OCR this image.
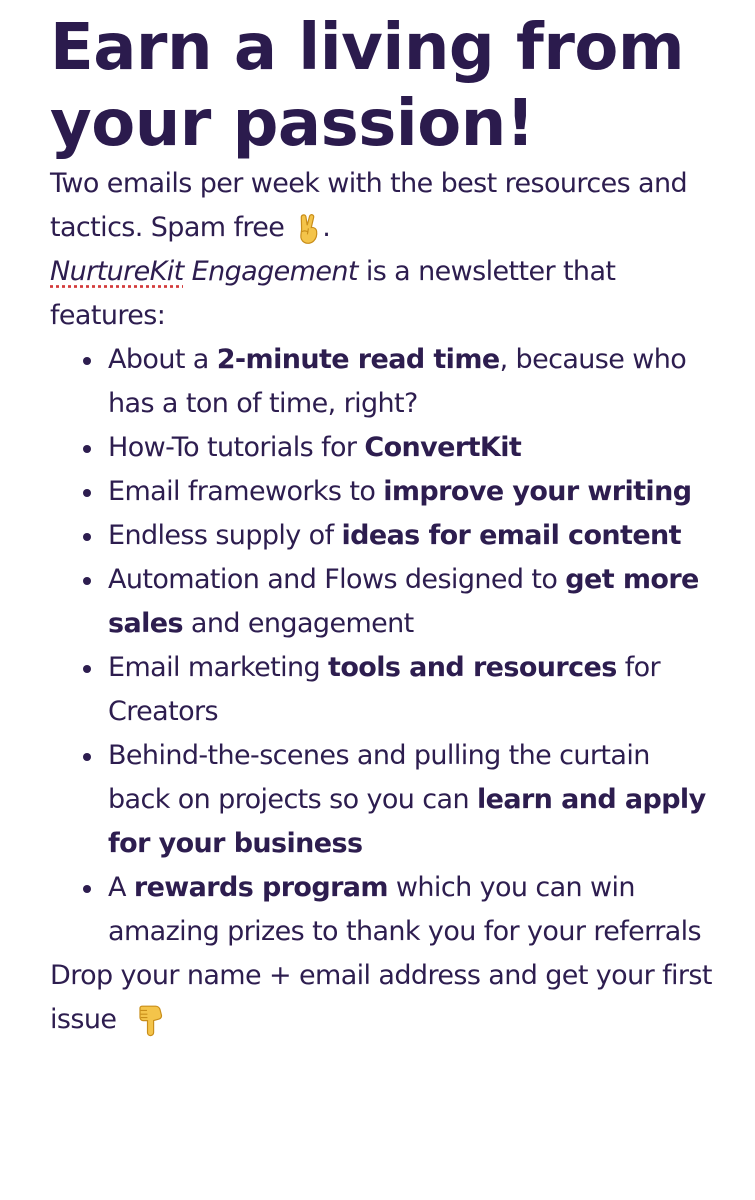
Earn a living from
your passion!

Two emails per week with the best resources and tactics. Spam free .

NurtureKit Engagement is a newsletter that features:

About a 2-minute read time, because who has a ton of time, right?
How-To tutorials for ConvertKit
Email frameworks to improve your writing
Endless supply of ideas for email content
Automation and Flows designed to get more sales and engagement
Email marketing tools and resources for Creators
Behind-the-scenes and pulling the curtain back on projects so you can learn and apply for your business
A rewards program which you can win amazing prizes to thank you for your referrals

Drop your name + email address and get your first issue
